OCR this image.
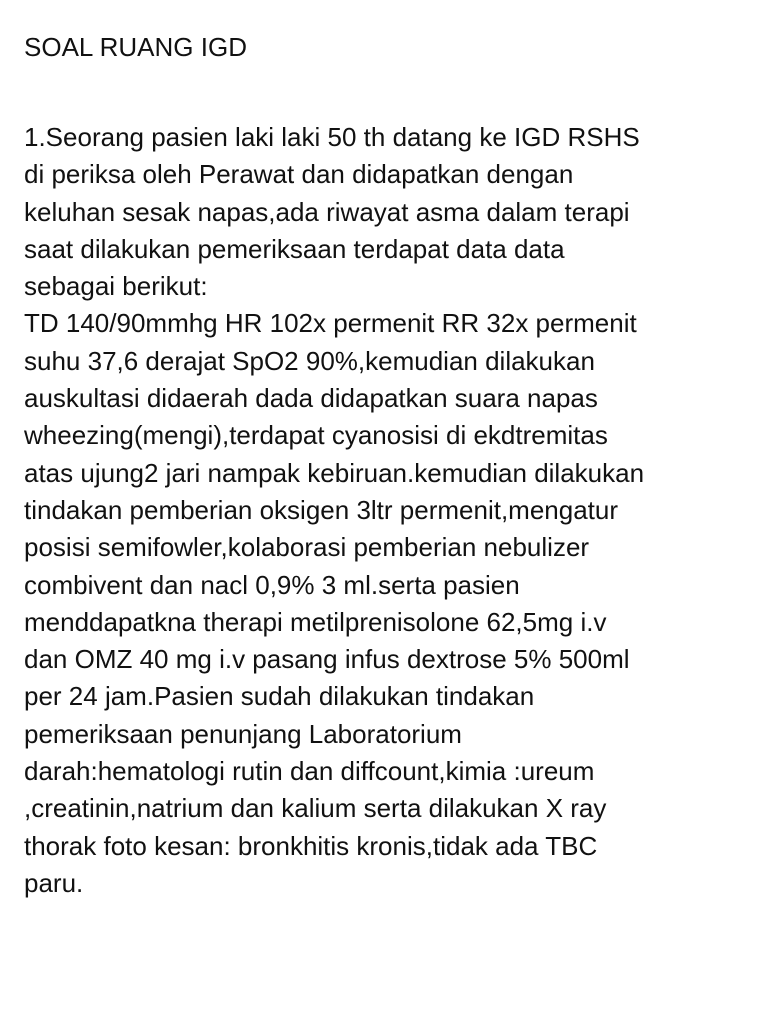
SOAL RUANG IGD
1.Seorang pasien laki laki 50 th datang ke IGD RSHS
di periksa oleh Perawat dan didapatkan dengan
keluhan sesak napas,ada riwayat asma dalam terapi
saat dilakukan pemeriksaan terdapat data data
sebagai berikut:
TD 140/90mmhg HR 102x permenit RR 32x permenit
suhu 37,6 derajat SpO2 90%,kemudian dilakukan
auskultasi didaerah dada didapatkan suara napas
wheezing(mengi),terdapat cyanosisi di ekdtremitas
atas ujung2 jari nampak kebiruan.kemudian dilakukan
tindakan pemberian oksigen 3ltr permenit,mengatur
posisi semifowler,kolaborasi pemberian nebulizer
combivent dan nacl 0,9% 3 ml.serta pasien
menddapatkna therapi metilprenisolone 62,5mg i.v
dan OMZ 40 mg i.v pasang infus dextrose 5% 500ml
per 24 jam.Pasien sudah dilakukan tindakan
pemeriksaan penunjang Laboratorium
darah:hematologi rutin dan diffcount,kimia :ureum
,creatinin,natrium dan kalium serta dilakukan X ray
thorak foto kesan: bronkhitis kronis,tidak ada TBC
paru.
